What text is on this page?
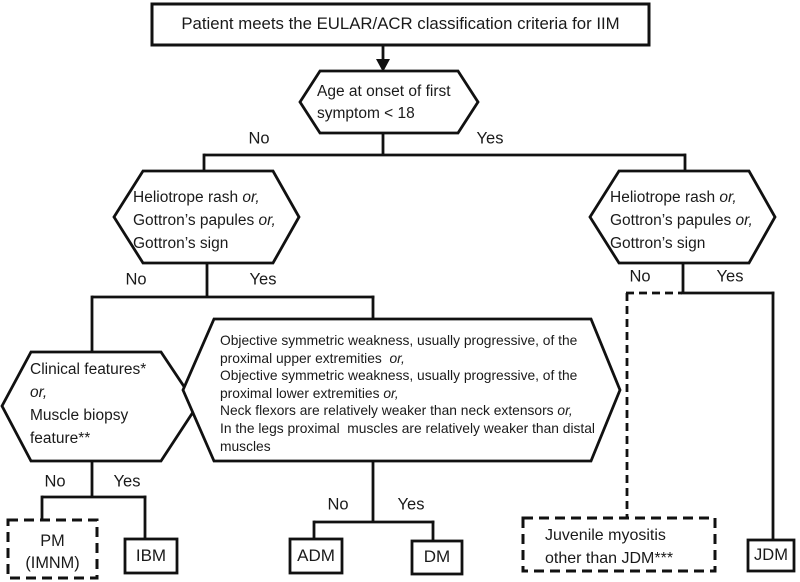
Patient meets the EULAR/ACR classification criteria for IIM
Age at onset of first
symptom < 18
Heliotrope rash or,
Gottron’s papules or,
Gottron’s sign
Heliotrope rash or,
Gottron’s papules or,
Gottron’s sign
Clinical features*
or,
Muscle biopsy
feature**
Objective symmetric weakness, usually progressive, of the
proximal upper extremities  or,
Objective symmetric weakness, usually progressive, of the
proximal lower extremities or,
Neck flexors are relatively weaker than neck extensors or,
In the legs proximal  muscles are relatively weaker than distal
muscles
No	Yes
No	Yes	No	Yes
No	Yes
No	Yes
PM
(IMNM)	IBM	ADM	DM
Juvenile myositis
other than JDM***	JDM
